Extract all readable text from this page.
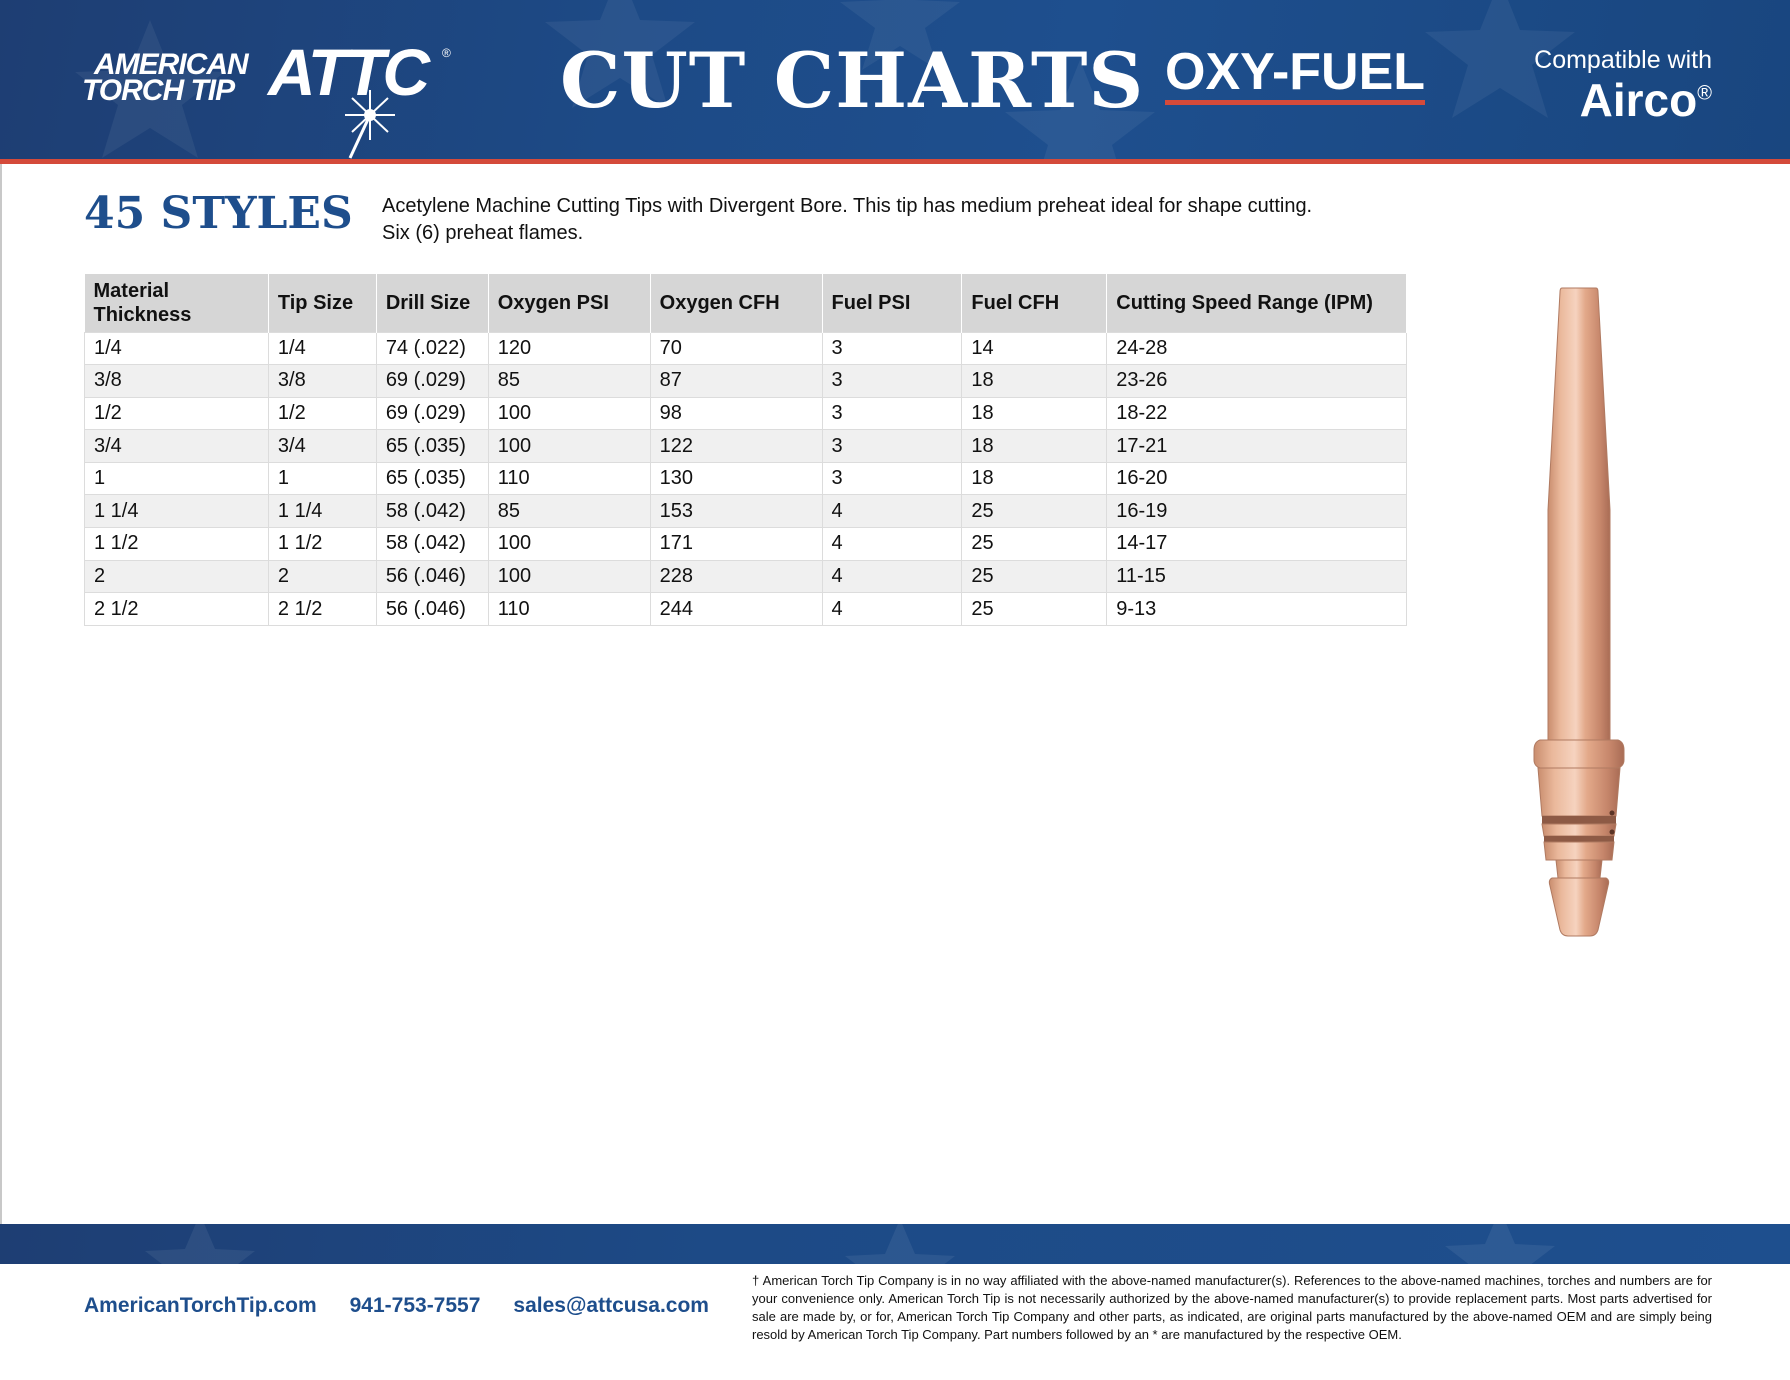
AMERICAN
TORCH TIP ATTC ® CUT CHARTS OXY-FUEL	Compatible with
Airco®
45 STYLES Acetylene Machine Cutting Tips with Divergent Bore. This tip has medium preheat ideal for shape cutting.
Six (6) preheat flames.
Material Thickness	Tip Size	Drill Size	Oxygen PSI	Oxygen CFH	Fuel PSI	Fuel CFH	Cutting Speed Range (IPM)
1/4	1/4	74 (.022)	120	70	3	14	24-28
3/8	3/8	69 (.029)	85	87	3	18	23-26
1/2	1/2	69 (.029)	100	98	3	18	18-22
3/4	3/4	65 (.035)	100	122	3	18	17-21
1	1	65 (.035)	110	130	3	18	16-20
1 1/4	1 1/4	58 (.042)	85	153	4	25	16-19
1 1/2	1 1/2	58 (.042)	100	171	4	25	14-17
2	2	56 (.046)	100	228	4	25	11-15
2 1/2	2 1/2	56 (.046)	110	244	4	25	9-13
AmericanTorchTip.com 941-753-7557 sales@attcusa.com
† American Torch Tip Company is in no way affiliated with the above-named manufacturer(s). References to the above-named machines, torches and numbers are for your convenience only. American Torch Tip is not necessarily authorized by the above-named manufacturer(s) to provide replacement parts. Most parts advertised for sale are made by, or for, American Torch Tip Company and other parts, as indicated, are original parts manufactured by the above-named OEM and are simply being resold by American Torch Tip Company. Part numbers followed by an * are manufactured by the respective OEM.
